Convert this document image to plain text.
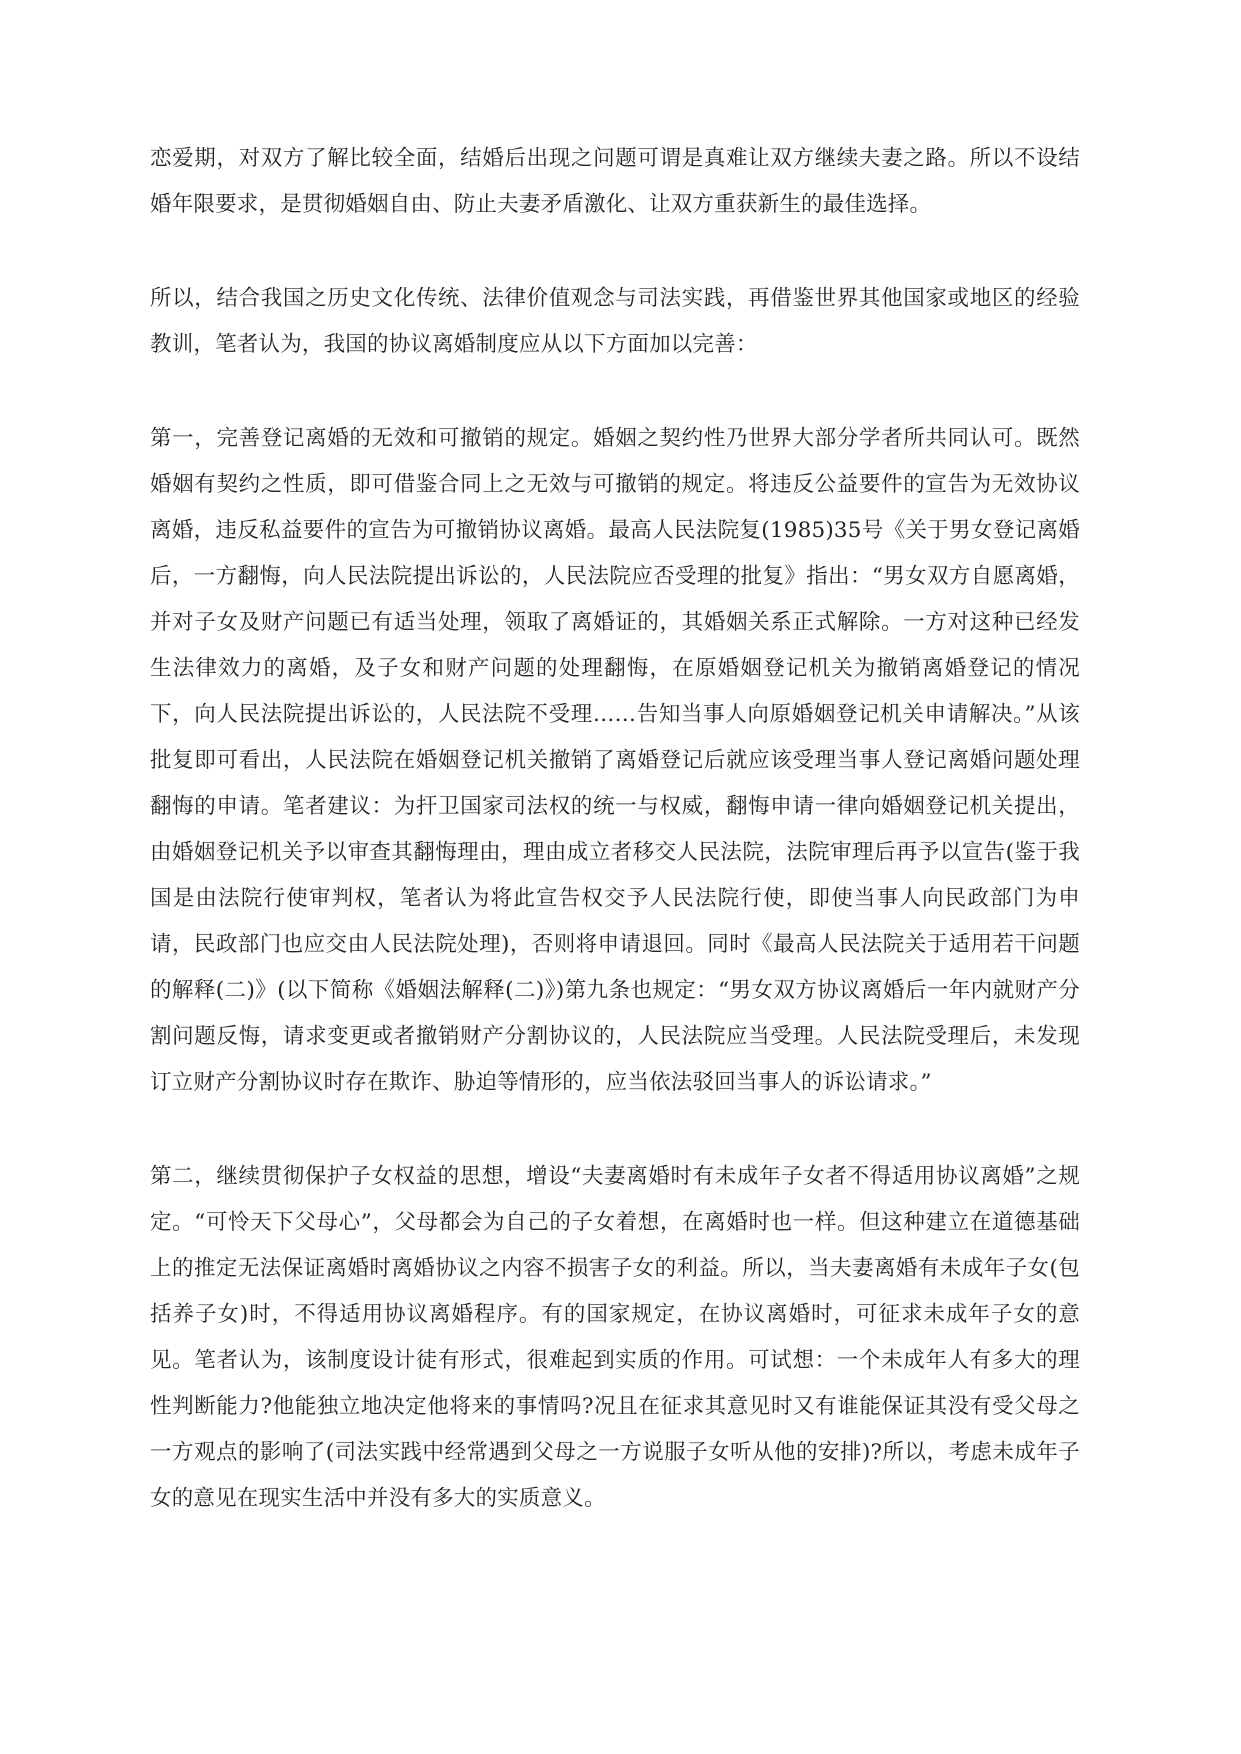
恋爱期，对双方了解比较全面，结婚后出现之问题可谓是真难让双方继续夫妻之路。所以不设结婚年限要求，是贯彻婚姻自由、防止夫妻矛盾激化、让双方重获新生的最佳选择。

所以，结合我国之历史文化传统、法律价值观念与司法实践，再借鉴世界其他国家或地区的经验教训，笔者认为，我国的协议离婚制度应从以下方面加以完善：

第一，完善登记离婚的无效和可撤销的规定。婚姻之契约性乃世界大部分学者所共同认可。既然婚姻有契约之性质，即可借鉴合同上之无效与可撤销的规定。将违反公益要件的宣告为无效协议离婚，违反私益要件的宣告为可撤销协议离婚。最高人民法院复(1985)35号《关于男女登记离婚后，一方翻悔，向人民法院提出诉讼的，人民法院应否受理的批复》指出：“男女双方自愿离婚，并对子女及财产问题已有适当处理，领取了离婚证的，其婚姻关系正式解除。一方对这种已经发生法律效力的离婚，及子女和财产问题的处理翻悔，在原婚姻登记机关为撤销离婚登记的情况下，向人民法院提出诉讼的，人民法院不受理……告知当事人向原婚姻登记机关申请解决。”从该批复即可看出，人民法院在婚姻登记机关撤销了离婚登记后就应该受理当事人登记离婚问题处理翻悔的申请。笔者建议：为扞卫国家司法权的统一与权威，翻悔申请一律向婚姻登记机关提出，由婚姻登记机关予以审查其翻悔理由，理由成立者移交人民法院，法院审理后再予以宣告(鉴于我国是由法院行使审判权，笔者认为将此宣告权交予人民法院行使，即使当事人向民政部门为申请，民政部门也应交由人民法院处理)，否则将申请退回。同时《最高人民法院关于适用若干问题的解释(二)》(以下简称《婚姻法解释(二)》)第九条也规定：“男女双方协议离婚后一年内就财产分割问题反悔，请求变更或者撤销财产分割协议的，人民法院应当受理。人民法院受理后，未发现订立财产分割协议时存在欺诈、胁迫等情形的，应当依法驳回当事人的诉讼请求。”

第二，继续贯彻保护子女权益的思想，增设“夫妻离婚时有未成年子女者不得适用协议离婚”之规定。“可怜天下父母心”，父母都会为自己的子女着想，在离婚时也一样。但这种建立在道德基础上的推定无法保证离婚时离婚协议之内容不损害子女的利益。所以，当夫妻离婚有未成年子女(包括养子女)时，不得适用协议离婚程序。有的国家规定，在协议离婚时，可征求未成年子女的意见。笔者认为，该制度设计徒有形式，很难起到实质的作用。可试想：一个未成年人有多大的理性判断能力?他能独立地决定他将来的事情吗?况且在征求其意见时又有谁能保证其没有受父母之一方观点的影响了(司法实践中经常遇到父母之一方说服子女听从他的安排)?所以，考虑未成年子女的意见在现实生活中并没有多大的实质意义。
